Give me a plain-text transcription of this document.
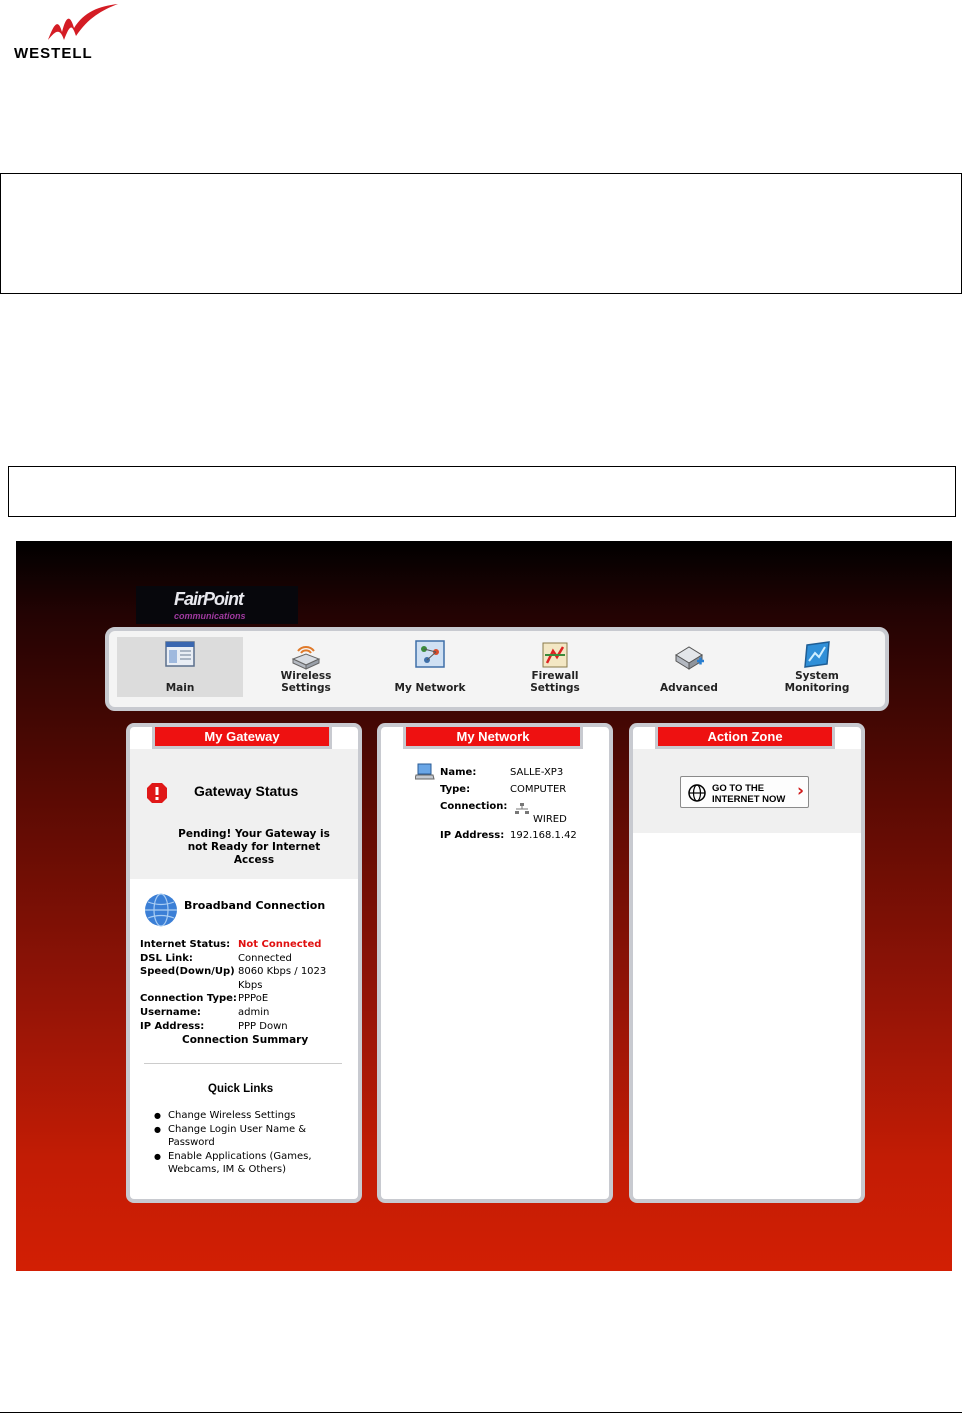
WESTELL
FairPoint
communications
Main
Wireless Settings	My Network
Firewall Settings	Advanced
System Monitoring
My Gateway
Gateway Status
Pending! Your Gateway is not Ready for Internet Access
Broadband Connection
Internet Status: Not Connected
DSL Link:	Connected
Speed(Down/Up) 8060 Kbps / 1023 Kbps
Connection Type: PPPoE
Username:	admin
IP Address:	PPP Down
Connection Summary
Quick Links
● Change Wireless Settings
● Change Login User Name & Password
● Enable Applications (Games, Webcams, IM & Others)
My Network
Name:	SALLE-XP3
Type:	COMPUTER
Connection:
WIRED
IP Address: 192.168.1.42
Action Zone
GO TO THE
INTERNET NOW ›
